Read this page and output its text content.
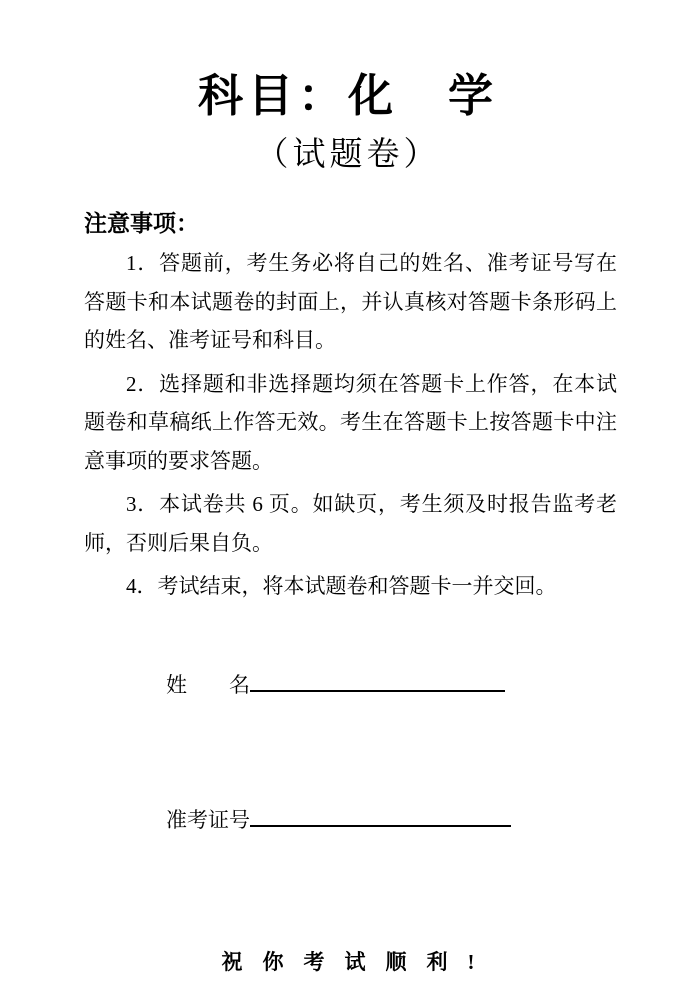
科目：化　学
（试题卷）
注意事项：

1．答题前，考生务必将自己的姓名、准考证号写在答题卡和本试题卷的封面上，并认真核对答题卡条形码上的姓名、准考证号和科目。

2．选择题和非选择题均须在答题卡上作答，在本试题卷和草稿纸上作答无效。考生在答题卡上按答题卡中注意事项的要求答题。

3．本试卷共 6 页。如缺页，考生须及时报告监考老师，否则后果自负。

4．考试结束，将本试题卷和答题卡一并交回。

姓　　名

准考证号

祝你考试顺利!
